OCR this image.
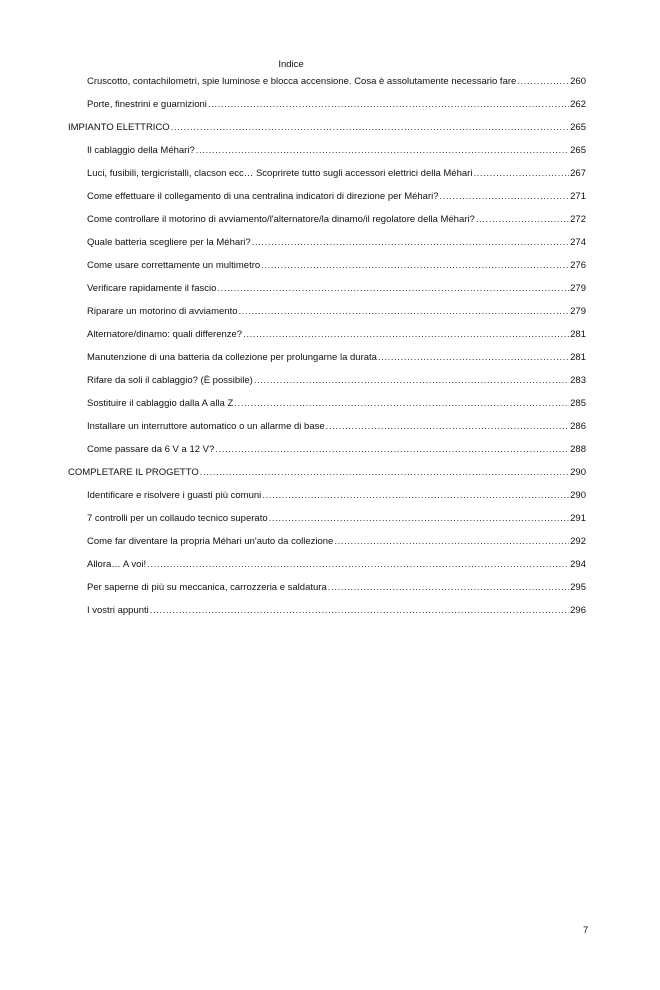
Indice
Cruscotto, contachilometri, spie luminose e blocca accensione. Cosa è assolutamente necessario fare .....	260
Porte, finestrini e guarnizioni .....	262
IMPIANTO ELETTRICO .....	265
Il cablaggio della Méhari? .....	265
Luci, fusibili, tergicristalli, clacson ecc… Scoprirete tutto sugli accessori elettrici della Méhari .....	267
Come effettuare il collegamento di una centralina indicatori di direzione per Méhari? .....	271
Come controllare il motorino di avviamento/l'alternatore/la dinamo/il regolatore della Méhari? .....	272
Quale batteria scegliere per la Méhari? .....	274
Come usare correttamente un multimetro .....	276
Verificare rapidamente il fascio .....	279
Riparare un motorino di avviamento .....	279
Alternatore/dinamo: quali differenze? .....	281
Manutenzione di una batteria da collezione per prolungarne la durata .....	281
Rifare da soli il cablaggio? (È possibile) .....	283
Sostituire il cablaggio dalla A alla Z .....	285
Installare un interruttore automatico o un allarme di base .....	286
Come passare da 6 V a 12 V? .....	288
COMPLETARE IL PROGETTO .....	290
Identificare e risolvere i guasti più comuni .....	290
7 controlli per un collaudo tecnico superato .....	291
Come far diventare la propria Méhari un'auto da collezione .....	292
Allora… A voi! .....	294
Per saperne di più su meccanica, carrozzeria e saldatura .....	295
I vostri appunti .....	296
7
